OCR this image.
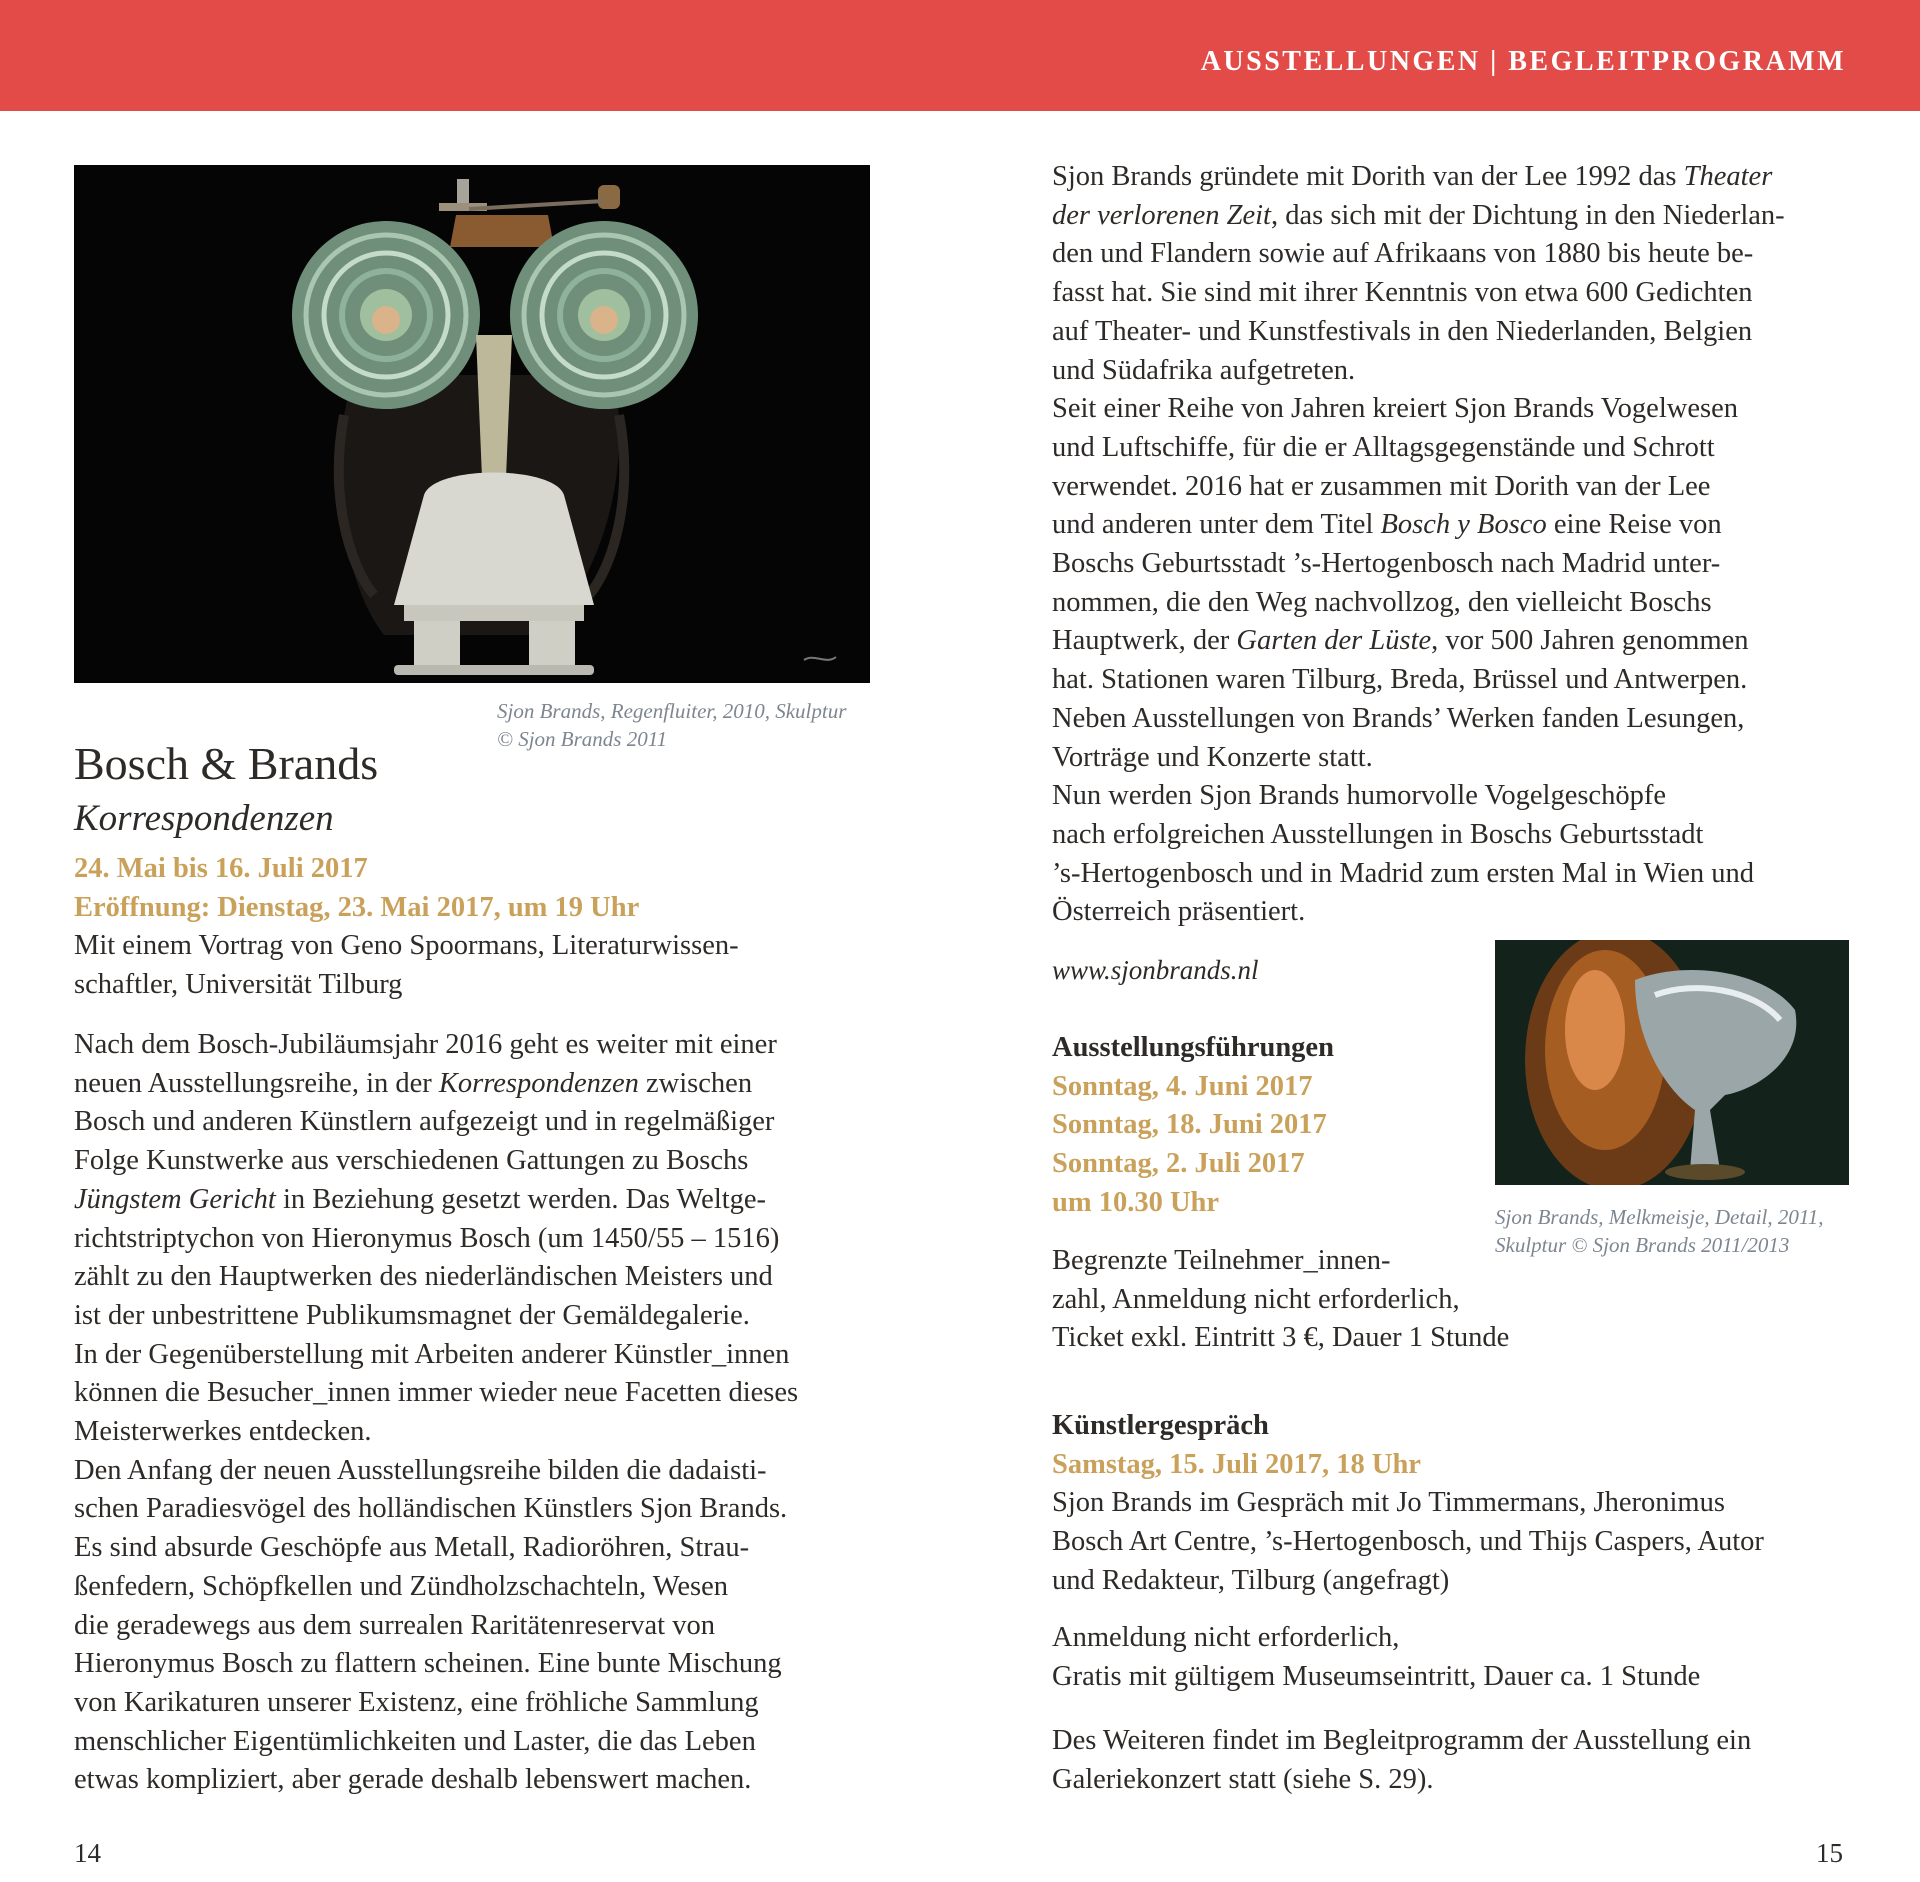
AUSSTELLUNGEN | BEGLEITPROGRAMM
Sjon Brands, Regenfluiter, 2010, Skulptur
© Sjon Brands 2011
Bosch & Brands
Korrespondenzen
24. Mai bis 16. Juli 2017
Eröffnung: Dienstag, 23. Mai 2017, um 19 Uhr
Mit einem Vortrag von Geno Spoormans, Literaturwissen-
schaftler, Universität Tilburg
Nach dem Bosch-Jubiläumsjahr 2016 geht es weiter mit einer
neuen Ausstellungsreihe, in der Korrespondenzen zwischen
Bosch und anderen Künstlern aufgezeigt und in regelmäßiger
Folge Kunstwerke aus verschiedenen Gattungen zu Boschs
Jüngstem Gericht in Beziehung gesetzt werden. Das Weltge-
richtstriptychon von Hieronymus Bosch (um 1450/55 – 1516)
zählt zu den Hauptwerken des niederländischen Meisters und
ist der unbestrittene Publikumsmagnet der Gemäldegalerie.
In der Gegenüberstellung mit Arbeiten anderer Künstler_innen
können die Besucher_innen immer wieder neue Facetten dieses
Meisterwerkes entdecken.
Den Anfang der neuen Ausstellungsreihe bilden die dadaisti-
schen Paradiesvögel des holländischen Künstlers Sjon Brands.
Es sind absurde Geschöpfe aus Metall, Radioröhren, Strau-
ßenfedern, Schöpfkellen und Zündholzschachteln, Wesen
die geradewegs aus dem surrealen Raritätenreservat von
Hieronymus Bosch zu flattern scheinen. Eine bunte Mischung
von Karikaturen unserer Existenz, eine fröhliche Sammlung
menschlicher Eigentümlichkeiten und Laster, die das Leben
etwas kompliziert, aber gerade deshalb lebenswert machen.
14
Sjon Brands gründete mit Dorith van der Lee 1992 das Theater
der verlorenen Zeit, das sich mit der Dichtung in den Niederlan-
den und Flandern sowie auf Afrikaans von 1880 bis heute be-
fasst hat. Sie sind mit ihrer Kenntnis von etwa 600 Gedichten
auf Theater- und Kunstfestivals in den Niederlanden, Belgien
und Südafrika aufgetreten.
Seit einer Reihe von Jahren kreiert Sjon Brands Vogelwesen
und Luftschiffe, für die er Alltagsgegenstände und Schrott
verwendet. 2016 hat er zusammen mit Dorith van der Lee
und anderen unter dem Titel Bosch y Bosco eine Reise von
Boschs Geburtsstadt ’s-Hertogenbosch nach Madrid unter-
nommen, die den Weg nachvollzog, den vielleicht Boschs
Hauptwerk, der Garten der Lüste, vor 500 Jahren genommen
hat. Stationen waren Tilburg, Breda, Brüssel und Antwerpen.
Neben Ausstellungen von Brands’ Werken fanden Lesungen,
Vorträge und Konzerte statt.
Nun werden Sjon Brands humorvolle Vogelgeschöpfe
nach erfolgreichen Ausstellungen in Boschs Geburtsstadt
’s-Hertogenbosch und in Madrid zum ersten Mal in Wien und
Österreich präsentiert.
www.sjonbrands.nl
Sjon Brands, Melkmeisje, Detail, 2011,
Skulptur © Sjon Brands 2011/2013
Ausstellungsführungen
Sonntag, 4. Juni 2017
Sonntag, 18. Juni 2017
Sonntag, 2. Juli 2017
um 10.30 Uhr
Begrenzte Teilnehmer_innen-
zahl, Anmeldung nicht erforderlich,
Ticket exkl. Eintritt 3 €, Dauer 1 Stunde
Künstlergespräch
Samstag, 15. Juli 2017, 18 Uhr
Sjon Brands im Gespräch mit Jo Timmermans, Jheronimus
Bosch Art Centre, ’s-Hertogenbosch, und Thijs Caspers, Autor
und Redakteur, Tilburg (angefragt)
Anmeldung nicht erforderlich,
Gratis mit gültigem Museumseintritt, Dauer ca. 1 Stunde
Des Weiteren findet im Begleitprogramm der Ausstellung ein
Galeriekonzert statt (siehe S. 29).
15
